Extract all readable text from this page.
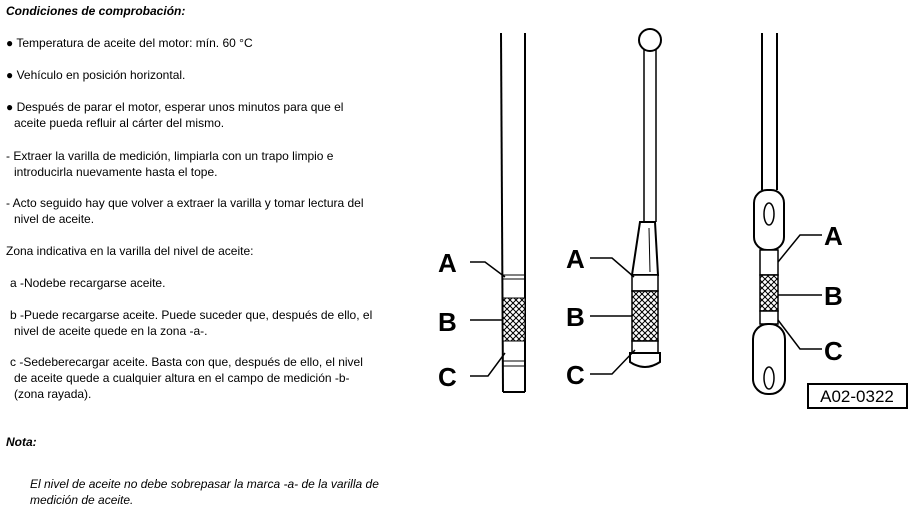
Condiciones de comprobación:
● Temperatura de aceite del motor: mín. 60 °C
● Vehículo en posición horizontal.
● Después de parar el motor, esperar unos minutos para que el
aceite pueda refluir al cárter del mismo.
- Extraer la varilla de medición, limpiarla con un trapo limpio e
introducirla nuevamente hasta el tope.
- Acto seguido hay que volver a extraer la varilla y tomar lectura del
nivel de aceite.
Zona indicativa en la varilla del nivel de aceite:
a -Nodebe recargarse aceite.
b -Puede recargarse aceite. Puede suceder que, después de ello, el
nivel de aceite quede en la zona -a-.
c -Sedeberecargar aceite. Basta con que, después de ello, el nivel
de aceite quede a cualquier altura en el campo de medición -b-
(zona rayada).
Nota:
El nivel de aceite no debe sobrepasar la marca -a- de la varilla de
medición de aceite.
A
B
C
A
B
C
A
B
C
A02-0322
